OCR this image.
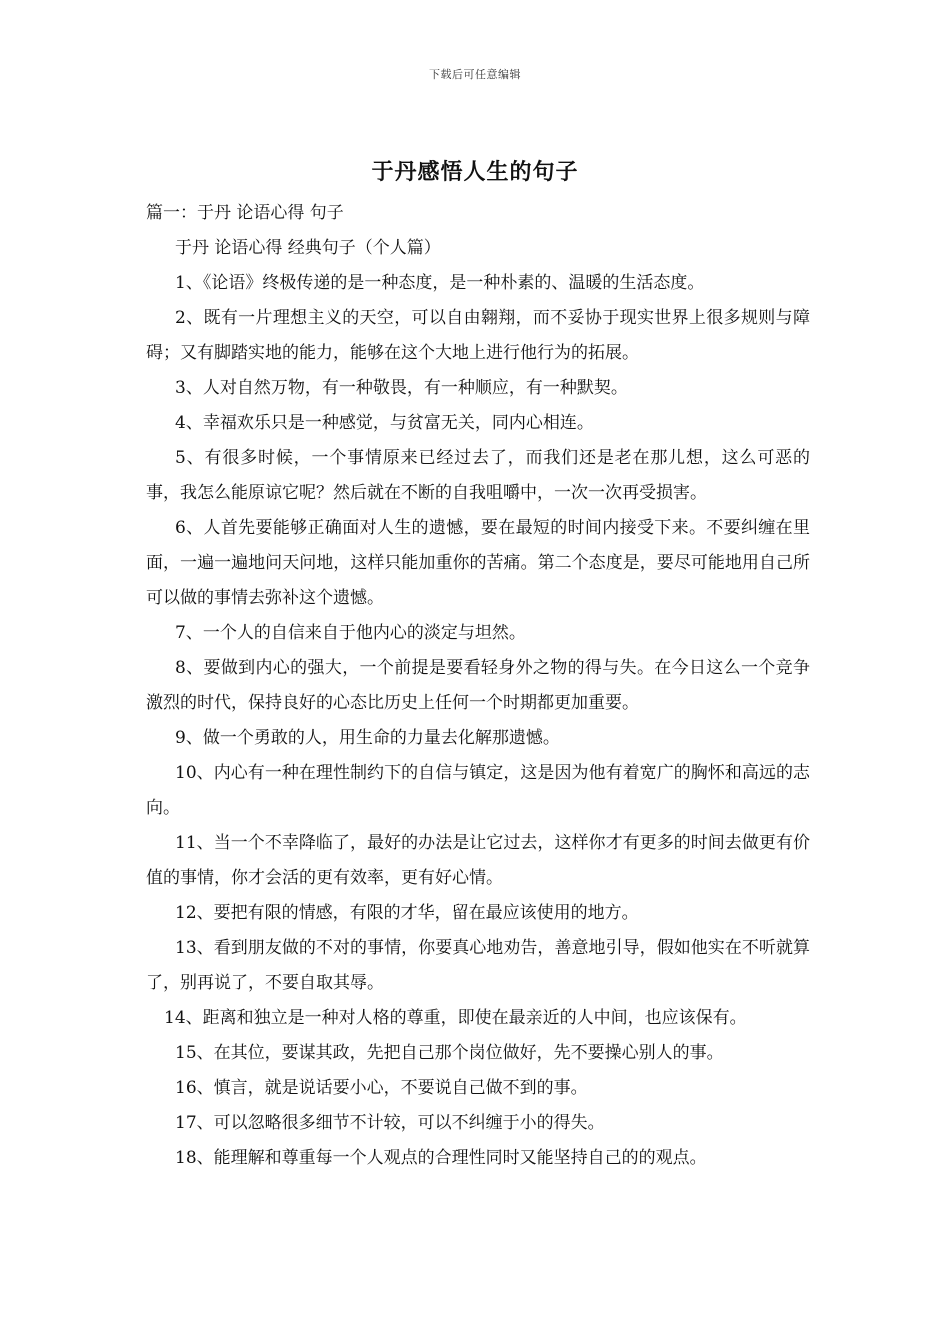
下载后可任意编辑
于丹感悟人生的句子

篇一：于丹 论语心得 句子

于丹 论语心得 经典句子（个人篇）

1、《论语》终极传递的是一种态度，是一种朴素的、温暖的生活态度。

2、既有一片理想主义的天空，可以自由翱翔，而不妥协于现实世界上很多规则与障碍；又有脚踏实地的能力，能够在这个大地上进行他行为的拓展。

3、人对自然万物，有一种敬畏，有一种顺应，有一种默契。

4、幸福欢乐只是一种感觉，与贫富无关，同内心相连。

5、有很多时候，一个事情原来已经过去了，而我们还是老在那儿想，这么可恶的事，我怎么能原谅它呢？然后就在不断的自我咀嚼中，一次一次再受损害。

6、人首先要能够正确面对人生的遗憾，要在最短的时间内接受下来。不要纠缠在里面，一遍一遍地问天问地，这样只能加重你的苦痛。第二个态度是，要尽可能地用自己所可以做的事情去弥补这个遗憾。

7、一个人的自信来自于他内心的淡定与坦然。

8、要做到内心的强大，一个前提是要看轻身外之物的得与失。在今日这么一个竞争激烈的时代，保持良好的心态比历史上任何一个时期都更加重要。

9、做一个勇敢的人，用生命的力量去化解那遗憾。

10、内心有一种在理性制约下的自信与镇定，这是因为他有着宽广的胸怀和高远的志向。

11、当一个不幸降临了，最好的办法是让它过去，这样你才有更多的时间去做更有价值的事情，你才会活的更有效率，更有好心情。

12、要把有限的情感，有限的才华，留在最应该使用的地方。

13、看到朋友做的不对的事情，你要真心地劝告，善意地引导，假如他实在不听就算了，别再说了，不要自取其辱。

14、距离和独立是一种对人格的尊重，即使在最亲近的人中间，也应该保有。

15、在其位，要谋其政，先把自己那个岗位做好，先不要操心别人的事。

16、慎言，就是说话要小心，不要说自己做不到的事。

17、可以忽略很多细节不计较，可以不纠缠于小的得失。

18、能理解和尊重每一个人观点的合理性同时又能坚持自己的的观点。
